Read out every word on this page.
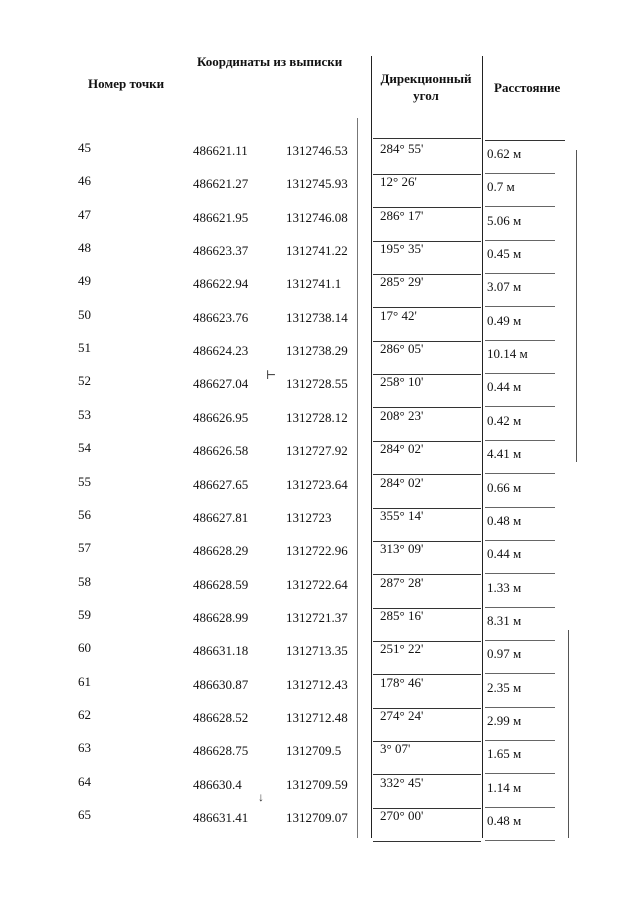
Номер точки
Координаты из выписки
Дирекционный угол
Расстояние
45	486621.11	1312746.53 284° 55'	0.62 м
46	486621.27	1312745.93 12° 26'	0.7 м
47	486621.95	1312746.08 286° 17'	5.06 м
48	486623.37	1312741.22 195° 35'	0.45 м
49	486622.94	1312741.1	285° 29'	3.07 м
50	486623.76	1312738.14 17° 42'	0.49 м
51	486624.23	1312738.29 286° 05'	10.14 м
52	486627.04	1312728.55 258° 10'	0.44 м
53	486626.95	1312728.12 208° 23'	0.42 м
54	486626.58	1312727.92 284° 02'	4.41 м
55	486627.65	1312723.64 284° 02'	0.66 м
56	486627.81	1312723	355° 14'	0.48 м
57	486628.29	1312722.96 313° 09'	0.44 м
58	486628.59	1312722.64 287° 28'	1.33 м
59	486628.99	1312721.37 285° 16'	8.31 м
60	486631.18	1312713.35 251° 22'	0.97 м
61	486630.87	1312712.43 178° 46'	2.35 м
62	486628.52	1312712.48 274° 24'	2.99 м
63	486628.75	1312709.5	3° 07'	1.65 м
64	486630.4	1312709.59 332° 45'	1.14 м
65	486631.41	1312709.07 270° 00'	0.48 м
⊢
↓
